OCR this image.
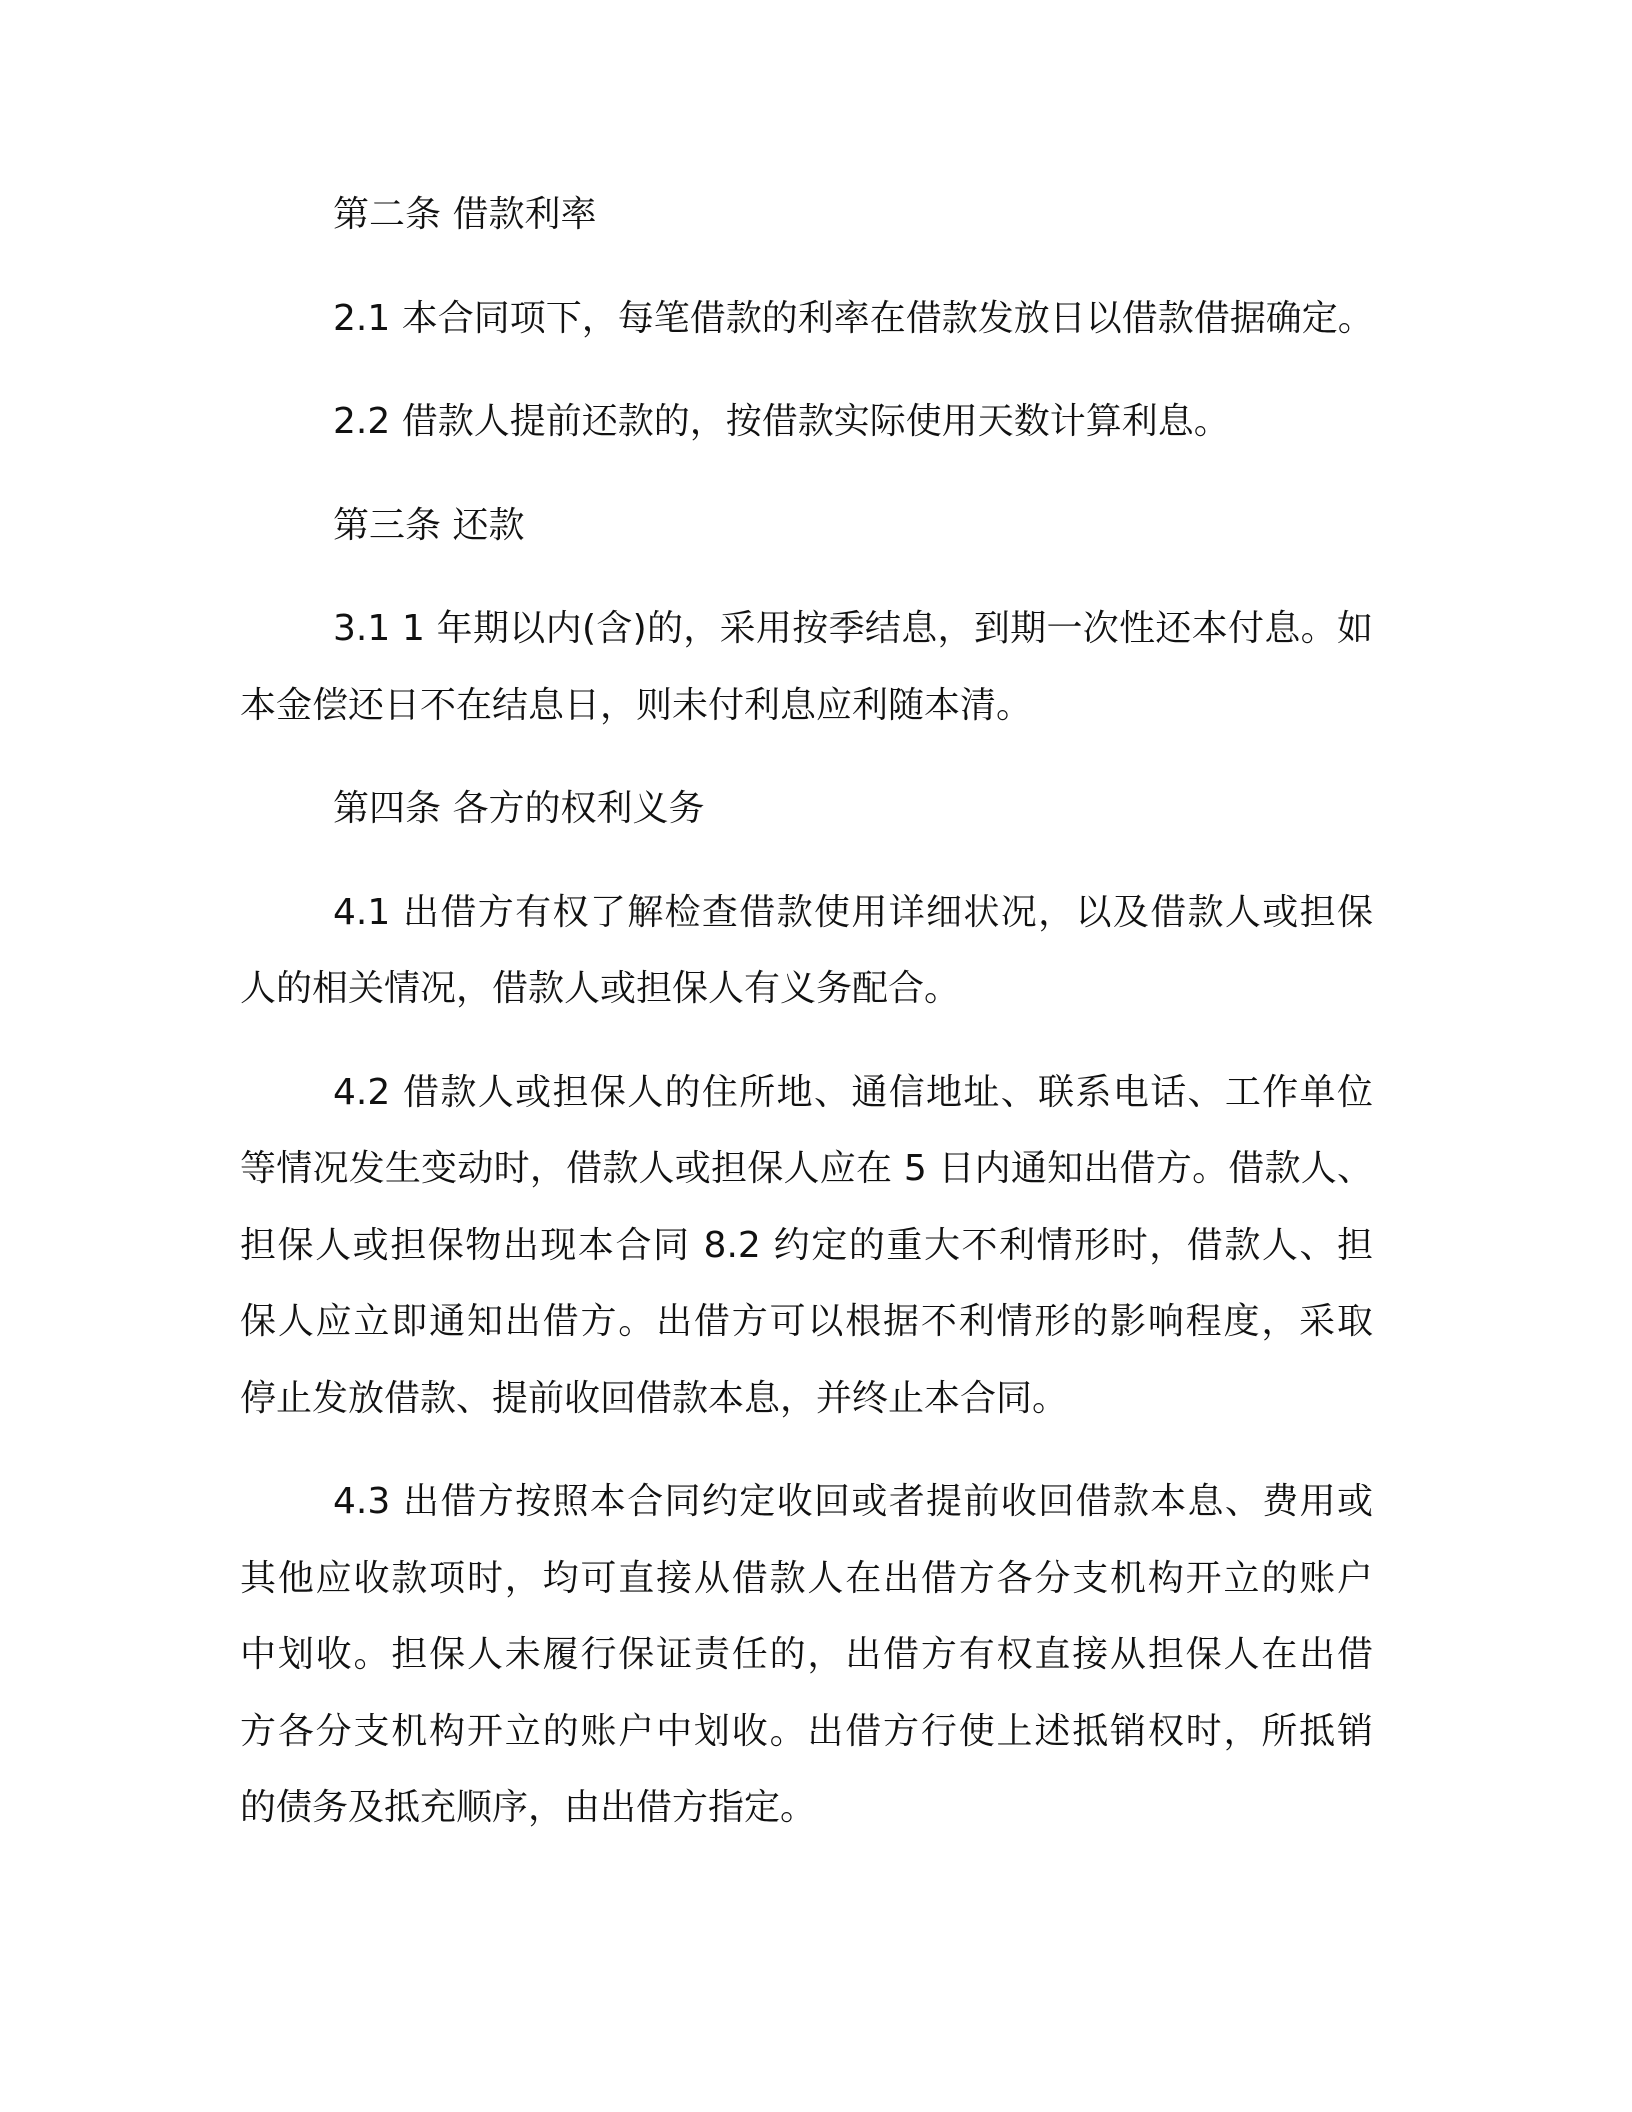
第二条 借款利率
2.1 本合同项下，每笔借款的利率在借款发放日以借款借据确定。
2.2 借款人提前还款的，按借款实际使用天数计算利息。
第三条 还款
3.1 1 年期以内(含)的，采用按季结息，到期一次性还本付息。如
本金偿还日不在结息日，则未付利息应利随本清。
第四条 各方的权利义务
4.1 出借方有权了解检查借款使用详细状况，以及借款人或担保
人的相关情况，借款人或担保人有义务配合。
4.2 借款人或担保人的住所地、通信地址、联系电话、工作单位
等情况发生变动时，借款人或担保人应在 5 日内通知出借方。借款人、
担保人或担保物出现本合同 8.2 约定的重大不利情形时，借款人、担
保人应立即通知出借方。出借方可以根据不利情形的影响程度，采取
停止发放借款、提前收回借款本息，并终止本合同。
4.3 出借方按照本合同约定收回或者提前收回借款本息、费用或
其他应收款项时，均可直接从借款人在出借方各分支机构开立的账户
中划收。担保人未履行保证责任的，出借方有权直接从担保人在出借
方各分支机构开立的账户中划收。出借方行使上述抵销权时，所抵销
的债务及抵充顺序，由出借方指定。
